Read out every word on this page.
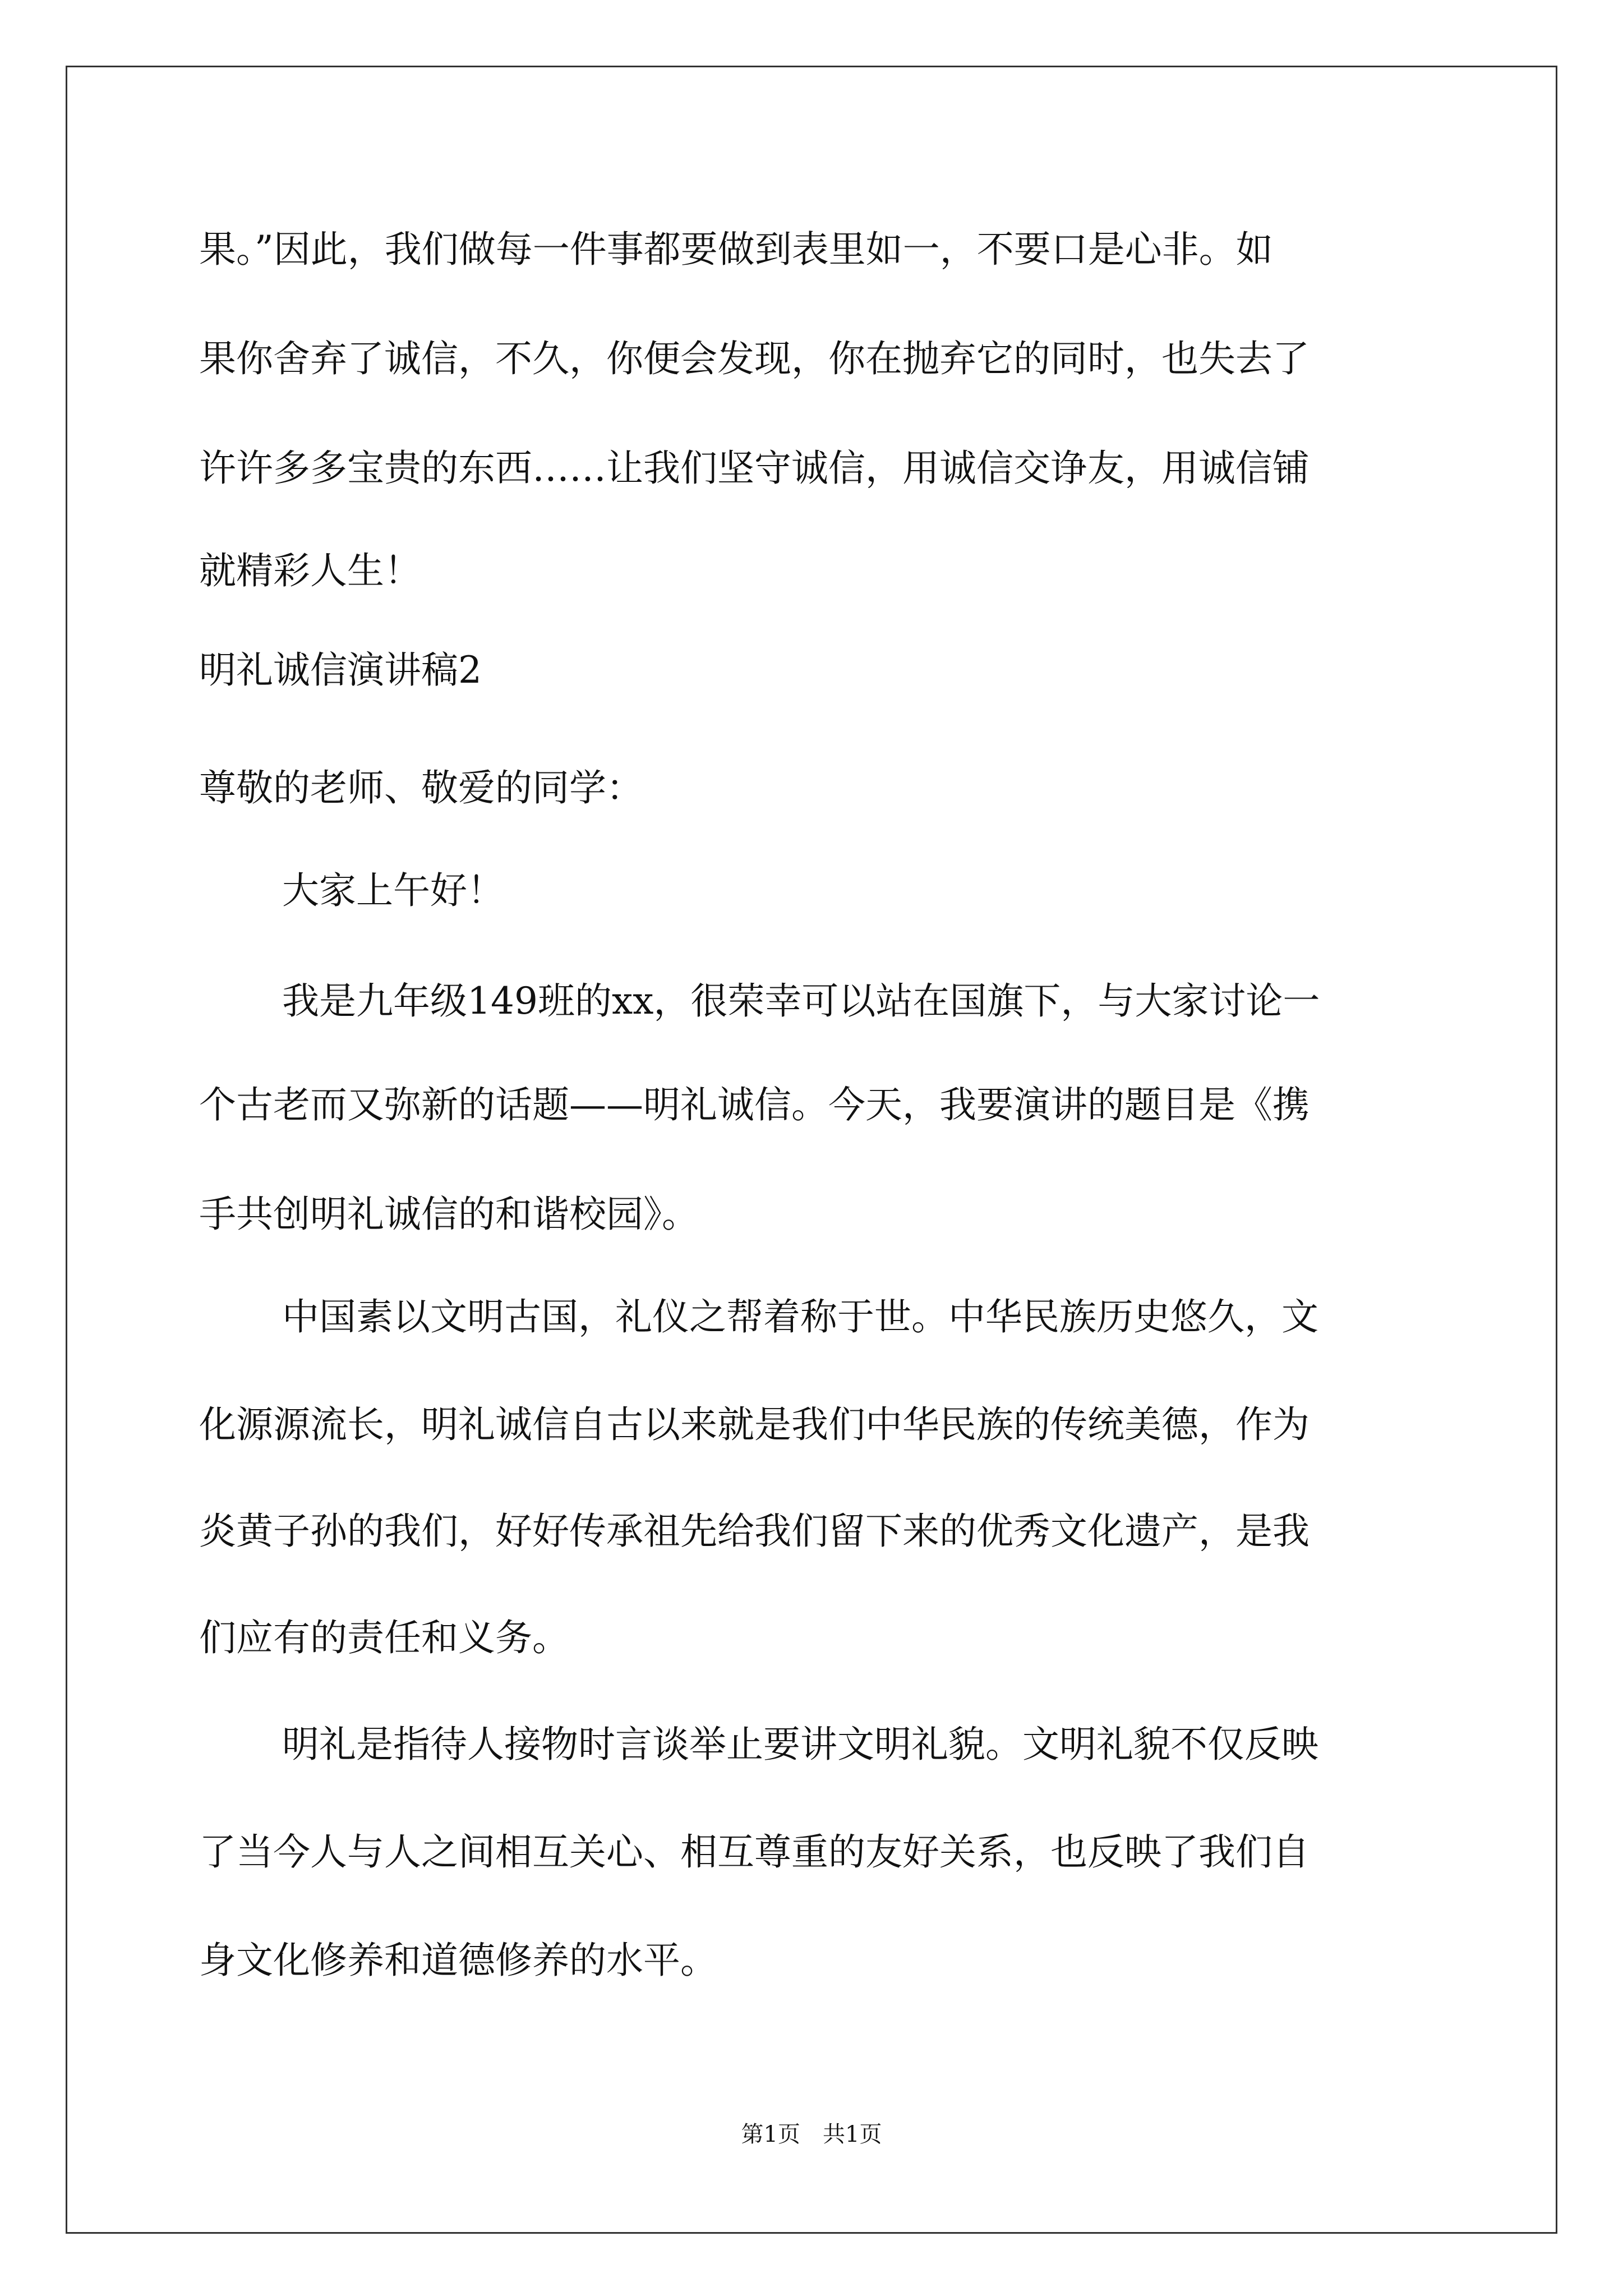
果。”因此，我们做每一件事都要做到表里如一，不要口是心非。如
果你舍弃了诚信，不久，你便会发现，你在抛弃它的同时，也失去了
许许多多宝贵的东西……让我们坚守诚信，用诚信交诤友，用诚信铺
就精彩人生！
明礼诚信演讲稿2
尊敬的老师、敬爱的同学：
大家上午好！
我是九年级149班的xx，很荣幸可以站在国旗下，与大家讨论一
个古老而又弥新的话题——明礼诚信。今天，我要演讲的题目是《携
手共创明礼诚信的和谐校园》。
中国素以文明古国，礼仪之帮着称于世。中华民族历史悠久，文
化源源流长，明礼诚信自古以来就是我们中华民族的传统美德，作为
炎黄子孙的我们，好好传承祖先给我们留下来的优秀文化遗产，是我
们应有的责任和义务。
明礼是指待人接物时言谈举止要讲文明礼貌。文明礼貌不仅反映
了当今人与人之间相互关心、相互尊重的友好关系，也反映了我们自
身文化修养和道德修养的水平。
第1页　共1页
